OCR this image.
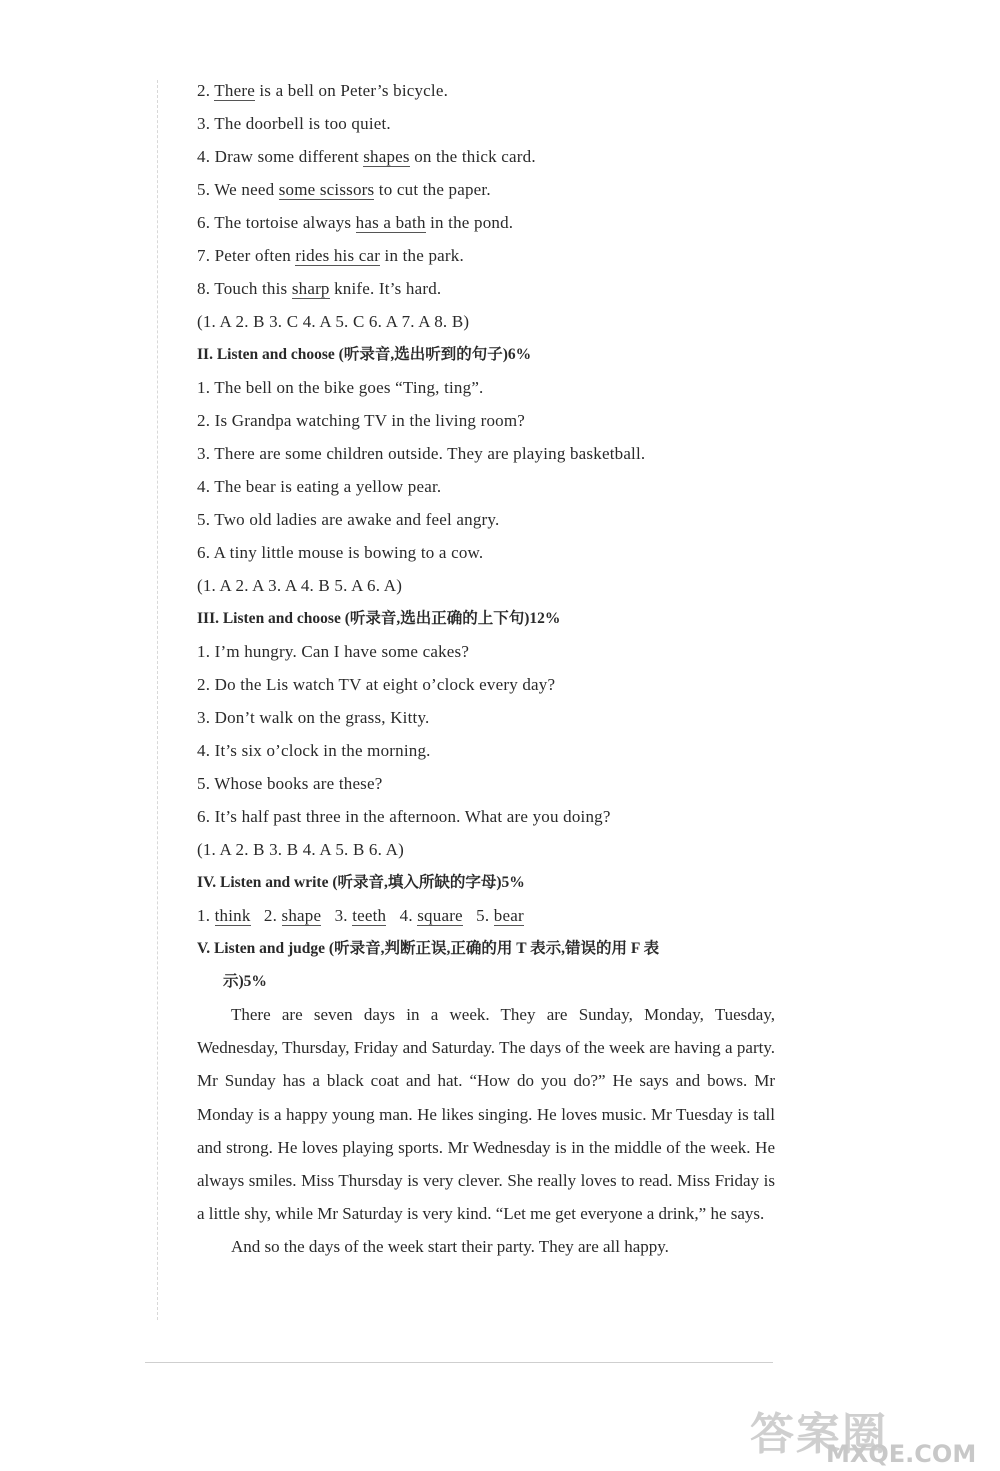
2. There is a bell on Peter’s bicycle.
3. The doorbell is too quiet.
4. Draw some different shapes on the thick card.
5. We need some scissors to cut the paper.
6. The tortoise always has a bath in the pond.
7. Peter often rides his car in the park.
8. Touch this sharp knife. It’s hard.
(1. A 2. B 3. C 4. A 5. C 6. A 7. A 8. B)
II. Listen and choose (听录音,选出听到的句子)6%
1. The bell on the bike goes “Ting, ting”.
2. Is Grandpa watching TV in the living room?
3. There are some children outside. They are playing basketball.
4. The bear is eating a yellow pear.
5. Two old ladies are awake and feel angry.
6. A tiny little mouse is bowing to a cow.
(1. A 2. A 3. A 4. B 5. A 6. A)
III. Listen and choose (听录音,选出正确的上下句)12%
1. I’m hungry. Can I have some cakes?
2. Do the Lis watch TV at eight o’clock every day?
3. Don’t walk on the grass, Kitty.
4. It’s six o’clock in the morning.
5. Whose books are these?
6. It’s half past three in the afternoon. What are you doing?
(1. A 2. B 3. B 4. A 5. B 6. A)
IV. Listen and write (听录音,填入所缺的字母)5%
1. think 2. shape 3. teeth 4. square 5. bear
V. Listen and judge (听录音,判断正误,正确的用 T 表示,错误的用 F 表
示)5%

There are seven days in a week. They are Sunday, Monday, Tuesday, Wednesday, Thursday, Friday and Saturday. The days of the week are having a party. Mr Sunday has a black coat and hat. “How do you do?” He says and bows. Mr Monday is a happy young man. He likes singing. He loves music. Mr Tuesday is tall and strong. He loves playing sports. Mr Wednesday is in the middle of the week. He always smiles. Miss Thursday is very clever. She really loves to read. Miss Friday is a little shy, while Mr Saturday is very kind. “Let me get everyone a drink,” he says.

And so the days of the week start their party. They are all happy.

答案圈
MXQE.COM
